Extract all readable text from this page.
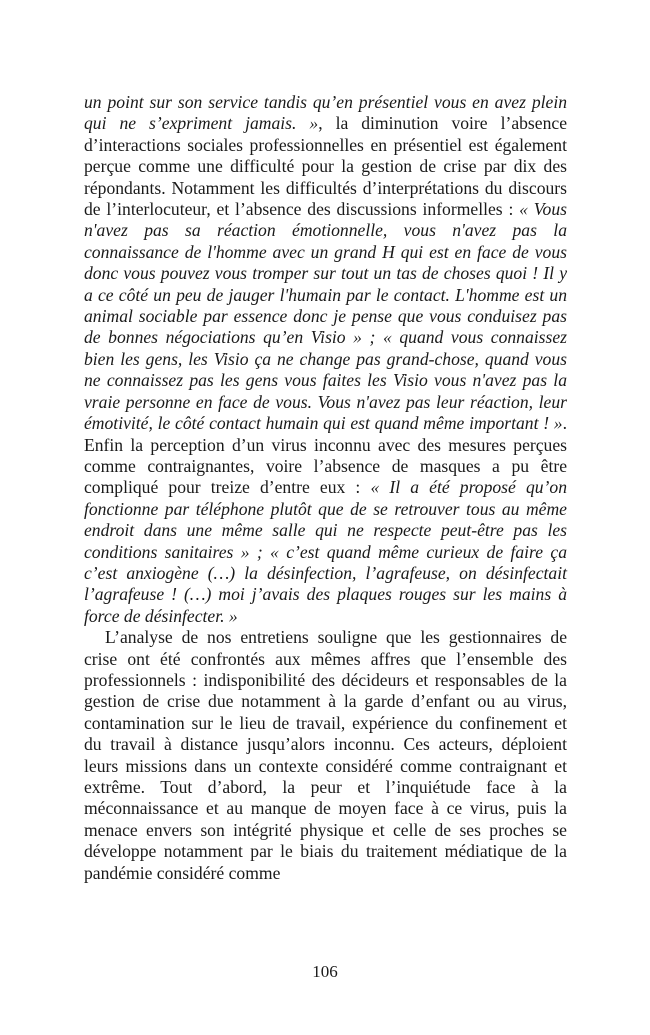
un point sur son service tandis qu’en présentiel vous en avez plein qui ne s’expriment jamais. », la diminution voire l’absence d’interactions sociales professionnelles en présentiel est également perçue comme une difficulté pour la gestion de crise par dix des répondants. Notamment les difficultés d’interprétations du discours de l’interlocuteur, et l’absence des discussions informelles : « Vous n'avez pas sa réaction émotionnelle, vous n'avez pas la connaissance de l'homme avec un grand H qui est en face de vous donc vous pouvez vous tromper sur tout un tas de choses quoi ! Il y a ce côté un peu de jauger l'humain par le contact. L'homme est un animal sociable par essence donc je pense que vous conduisez pas de bonnes négociations qu’en Visio » ; « quand vous connaissez bien les gens, les Visio ça ne change pas grand-chose, quand vous ne connaissez pas les gens vous faites les Visio vous n'avez pas la vraie personne en face de vous. Vous n'avez pas leur réaction, leur émotivité, le côté contact humain qui est quand même important ! ». Enfin la perception d’un virus inconnu avec des mesures perçues comme contraignantes, voire l’absence de masques a pu être compliqué pour treize d’entre eux : « Il a été proposé qu’on fonctionne par téléphone plutôt que de se retrouver tous au même endroit dans une même salle qui ne respecte peut-être pas les conditions sanitaires » ; « c’est quand même curieux de faire ça c’est anxiogène (…) la désinfection, l’agrafeuse, on désinfectait l’agrafeuse ! (…) moi j’avais des plaques rouges sur les mains à force de désinfecter. »

L’analyse de nos entretiens souligne que les gestionnaires de crise ont été confrontés aux mêmes affres que l’ensemble des professionnels : indisponibilité des décideurs et responsables de la gestion de crise due notamment à la garde d’enfant ou au virus, contamination sur le lieu de travail, expérience du confinement et du travail à distance jusqu’alors inconnu. Ces acteurs, déploient leurs missions dans un contexte considéré comme contraignant et extrême. Tout d’abord, la peur et l’inquiétude face à la méconnaissance et au manque de moyen face à ce virus, puis la menace envers son intégrité physique et celle de ses proches se développe notamment par le biais du traitement médiatique de la pandémie considéré comme

106
